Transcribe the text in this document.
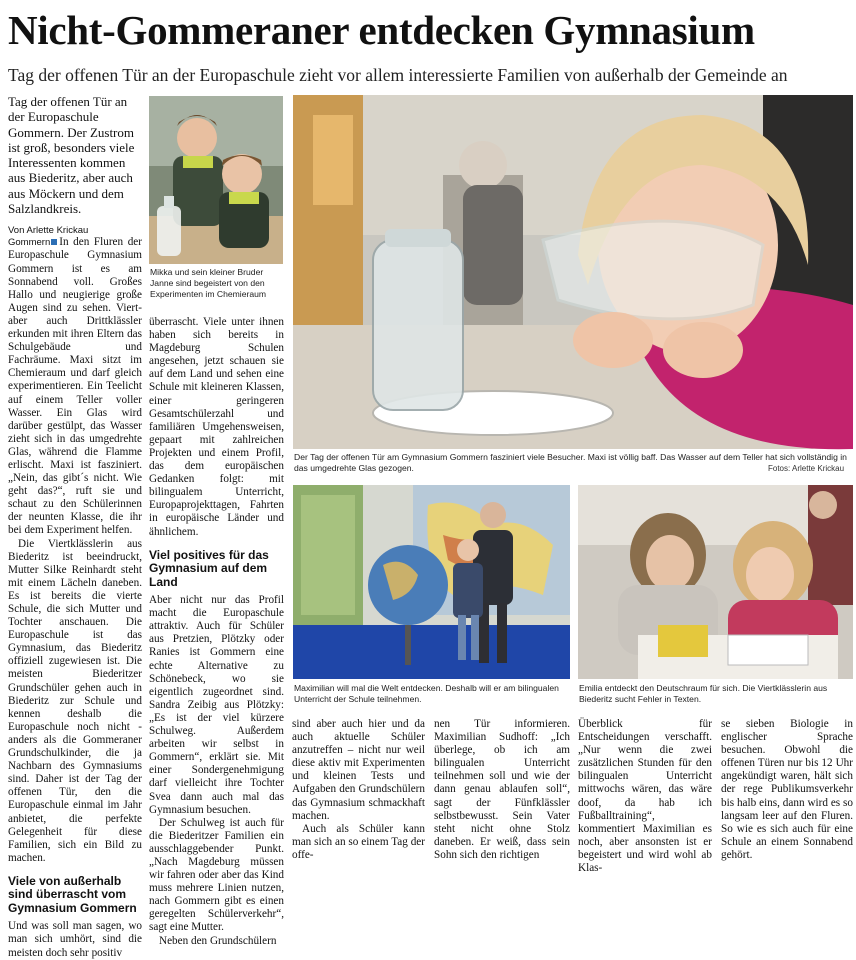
Nicht-Gommeraner entdecken Gymnasium
Tag der offenen Tür an der Europaschule zieht vor allem interessierte Familien von außerhalb der Gemeinde an
Tag der offenen Tür an der Europaschule Gommern. Der Zustrom ist groß, besonders viele Interessenten kommen aus Biederitz, aber auch aus Möckern und dem Salzlandkreis.
Von Arlette Krickau

Gommern In den Fluren der Europaschule Gymnasium Gommern ist es am Sonnabend voll. Großes Hallo und neugierige große Augen sind zu sehen. Viert- aber auch Drittklässler erkunden mit ihren Eltern das Schulgebäude und Fachräume. Maxi sitzt im Chemieraum und darf gleich experimentieren. Ein Teelicht auf einem Teller voller Wasser. Ein Glas wird darüber gestülpt, das Wasser zieht sich in das umgedrehte Glas, während die Flamme erlischt. Maxi ist fasziniert. „Nein, das gibt´s nicht. Wie geht das?“, ruft sie und schaut zu den Schülerinnen der neunten Klasse, die ihr bei dem Experiment helfen.

Die Viertklässlerin aus Biederitz ist beeindruckt, Mutter Silke Reinhardt steht mit einem Lächeln daneben. Es ist bereits die vierte Schule, die sich Mutter und Tochter anschauen. Die Europaschule ist das Gymnasium, das Biederitz offiziell zugewiesen ist. Die meisten Biederitzer Grundschüler gehen auch in Biederitz zur Schule und kennen deshalb die Europaschule noch nicht - anders als die Gommeraner Grundschulkinder, die ja Nachbarn des Gymnasiums sind. Daher ist der Tag der offenen Tür, den die Europaschule einmal im Jahr anbietet, die perfekte Gelegenheit für diese Familien, sich ein Bild zu machen.

Viele von außerhalb sind überrascht vom Gymnasium Gommern

Und was soll man sagen, wo man sich umhört, sind die meisten doch sehr positiv

Mikka und sein kleiner Bruder Janne sind begeistert von den Experimenten im Chemieraum

überrascht. Viele unter ihnen haben sich bereits in Magdeburg Schulen angesehen, jetzt schauen sie auf dem Land und sehen eine Schule mit kleineren Klassen, einer geringeren Gesamtschülerzahl und familiären Umgehensweisen, gepaart mit zahlreichen Projekten und einem Profil, das dem europäischen Gedanken folgt: mit bilingualem Unterricht, Europaprojekttagen, Fahrten in europäische Länder und ähnlichem.

Viel positives für das Gymnasium auf dem Land

Aber nicht nur das Profil macht die Europaschule attraktiv. Auch für Schüler aus Pretzien, Plötzky oder Ranies ist Gommern eine echte Alternative zu Schönebeck, wo sie eigentlich zugeordnet sind. Sandra Zeibig aus Plötzky: „Es ist der viel kürzere Schulweg. Außerdem arbeiten wir selbst in Gommern“, erklärt sie. Mit einer Sondergenehmigung darf vielleicht ihre Tochter Svea dann auch mal das Gymnasium besuchen.

Der Schulweg ist auch für die Biederitzer Familien ein ausschlaggebender Punkt. „Nach Magdeburg müssen wir fahren oder aber das Kind muss mehrere Linien nutzen, nach Gommern gibt es einen geregelten Schülerverkehr“, sagt eine Mutter.

Neben den Grundschülern

Der Tag der offenen Tür am Gymnasium Gommern fasziniert viele Besucher. Maxi ist völlig baff. Das Wasser auf dem Teller hat sich vollständig in das umgedrehte Glas gezogen.	Fotos: Arlette Krickau
Maximilian will mal die Welt entdecken. Deshalb will er am bilingualen Unterricht der Schule teilnehmen.
Emilia entdeckt den Deutschraum für sich. Die Viertklässlerin aus Biederitz sucht Fehler in Texten.

sind aber auch hier und da auch aktuelle Schüler anzutreffen – nicht nur weil diese aktiv mit Experimenten und kleinen Tests und Aufgaben den Grundschülern das Gymnasium schmackhaft machen.

Auch als Schüler kann man sich an so einem Tag der offe-

nen Tür informieren. Maximilian Sudhoff: „Ich überlege, ob ich am bilingualen Unterricht teilnehmen soll und wie der dann genau ablaufen soll“, sagt der Fünfklässler selbstbewusst. Sein Vater steht nicht ohne Stolz daneben. Er weiß, dass sein Sohn sich den richtigen

Überblick für Entscheidungen verschafft. „Nur wenn die zwei zusätzlichen Stunden für den bilingualen Unterricht mittwochs wären, das wäre doof, da hab ich Fußballtraining“, kommentiert Maximilian es noch, aber ansonsten ist er begeistert und wird wohl ab Klas-

se sieben Biologie in englischer Sprache besuchen. Obwohl die offenen Türen nur bis 12 Uhr angekündigt waren, hält sich der rege Publikumsverkehr bis halb eins, dann wird es so langsam leer auf den Fluren. So wie es sich auch für eine Schule an einem Sonnabend gehört.
